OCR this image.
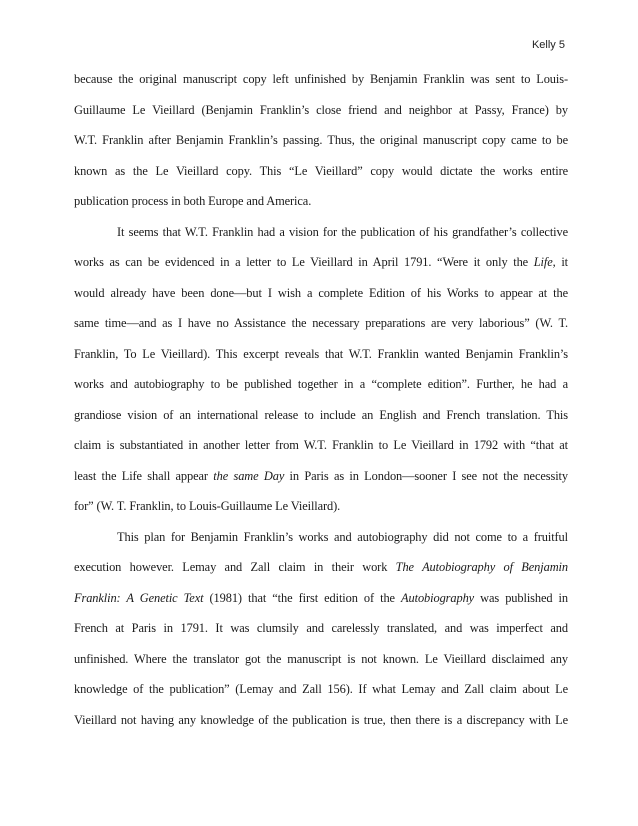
Kelly 5
because the original manuscript copy left unfinished by Benjamin Franklin was sent to Louis-
Guillaume Le Vieillard (Benjamin Franklin’s close friend and neighbor at Passy, France) by
W.T. Franklin after Benjamin Franklin’s passing. Thus, the original manuscript copy came to be
known as the Le Vieillard copy. This “Le Vieillard” copy would dictate the works entire
publication process in both Europe and America.
It seems that W.T. Franklin had a vision for the publication of his grandfather’s collective
works as can be evidenced in a letter to Le Vieillard in April 1791. “Were it only the Life, it
would already have been done—but I wish a complete Edition of his Works to appear at the
same time—and as I have no Assistance the necessary preparations are very laborious” (W. T.
Franklin, To Le Vieillard). This excerpt reveals that W.T. Franklin wanted Benjamin Franklin’s
works and autobiography to be published together in a “complete edition”. Further, he had a
grandiose vision of an international release to include an English and French translation. This
claim is substantiated in another letter from W.T. Franklin to Le Vieillard in 1792 with “that at
least the Life shall appear the same Day in Paris as in London—sooner I see not the necessity
for” (W. T. Franklin, to Louis-Guillaume Le Vieillard).
This plan for Benjamin Franklin’s works and autobiography did not come to a fruitful
execution however. Lemay and Zall claim in their work The Autobiography of Benjamin
Franklin: A Genetic Text (1981) that “the first edition of the Autobiography was published in
French at Paris in 1791. It was clumsily and carelessly translated, and was imperfect and
unfinished. Where the translator got the manuscript is not known. Le Vieillard disclaimed any
knowledge of the publication” (Lemay and Zall 156). If what Lemay and Zall claim about Le
Vieillard not having any knowledge of the publication is true, then there is a discrepancy with Le
